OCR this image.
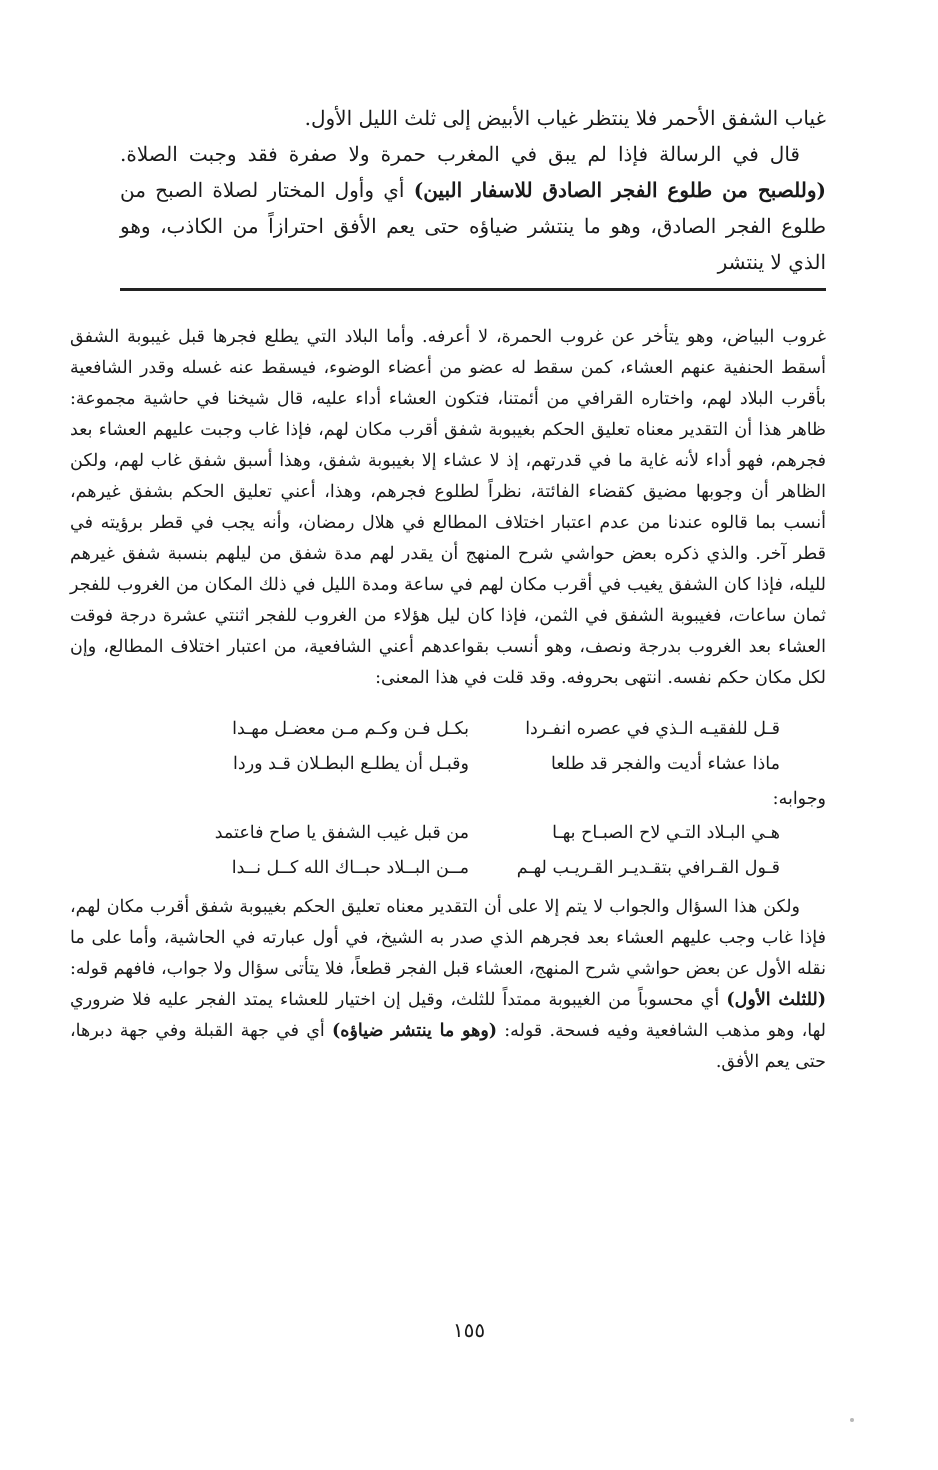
غياب الشفق الأحمر فلا ينتظر غياب الأبيض إلى ثلث الليل الأول.

قال في الرسالة فإذا لم يبق في المغرب حمرة ولا صفرة فقد وجبت الصلاة. (وللصبح من طلوع الفجر الصادق للاسفار البين) أي وأول المختار لصلاة الصبح من طلوع الفجر الصادق، وهو ما ينتشر ضياؤه حتى يعم الأفق احترازاً من الكاذب، وهو الذي لا ينتشر

غروب البياض، وهو يتأخر عن غروب الحمرة، لا أعرفه. وأما البلاد التي يطلع فجرها قبل غيبوبة الشفق أسقط الحنفية عنهم العشاء، كمن سقط له عضو من أعضاء الوضوء، فيسقط عنه غسله وقدر الشافعية بأقرب البلاد لهم، واختاره القرافي من أئمتنا، فتكون العشاء أداء عليه، قال شيخنا في حاشية مجموعة: ظاهر هذا أن التقدير معناه تعليق الحكم بغيبوبة شفق أقرب مكان لهم، فإذا غاب وجبت عليهم العشاء بعد فجرهم، فهو أداء لأنه غاية ما في قدرتهم، إذ لا عشاء إلا بغيبوبة شفق، وهذا أسبق شفق غاب لهم، ولكن الظاهر أن وجوبها مضيق كقضاء الفائتة، نظراً لطلوع فجرهم، وهذا، أعني تعليق الحكم بشفق غيرهم، أنسب بما قالوه عندنا من عدم اعتبار اختلاف المطالع في هلال رمضان، وأنه يجب في قطر برؤيته في قطر آخر. والذي ذكره بعض حواشي شرح المنهج أن يقدر لهم مدة شفق من ليلهم بنسبة شفق غيرهم لليله، فإذا كان الشفق يغيب في أقرب مكان لهم في ساعة ومدة الليل في ذلك المكان من الغروب للفجر ثمان ساعات، فغيبوبة الشفق في الثمن، فإذا كان ليل هؤلاء من الغروب للفجر اثنتي عشرة درجة فوقت العشاء بعد الغروب بدرجة ونصف، وهو أنسب بقواعدهم أعني الشافعية، من اعتبار اختلاف المطالع، وإن لكل مكان حكم نفسه. انتهى بحروفه. وقد قلت في هذا المعنى:

قـل للفقيـه الـذي في عصره انفـردا
بكـل فـن وكـم مـن معضـل مهـدا
ماذا عشاء أديت والفجر قد طلعا
وقبـل أن يطلـع البطـلان قـد وردا

وجوابه:

هـي البـلاد التـي لاح الصبـاح بهـا
من قبل غيب الشفق يا صاح فاعتمد
قـول القـرافي بتقـديـر القـريـب لهـم
مــن البــلاد حبــاك الله كــل نــدا

ولكن هذا السؤال والجواب لا يتم إلا على أن التقدير معناه تعليق الحكم بغيبوبة شفق أقرب مكان لهم، فإذا غاب وجب عليهم العشاء بعد فجرهم الذي صدر به الشيخ، في أول عبارته في الحاشية، وأما على ما نقله الأول عن بعض حواشي شرح المنهج، العشاء قبل الفجر قطعاً، فلا يتأتى سؤال ولا جواب، فافهم قوله: (للثلث الأول) أي محسوباً من الغيبوبة ممتداً للثلث، وقيل إن اختيار للعشاء يمتد الفجر عليه فلا ضروري لها، وهو مذهب الشافعية وفيه فسحة. قوله: (وهو ما ينتشر ضياؤه) أي في جهة القبلة وفي جهة دبرها، حتى يعم الأفق.

١٥٥
